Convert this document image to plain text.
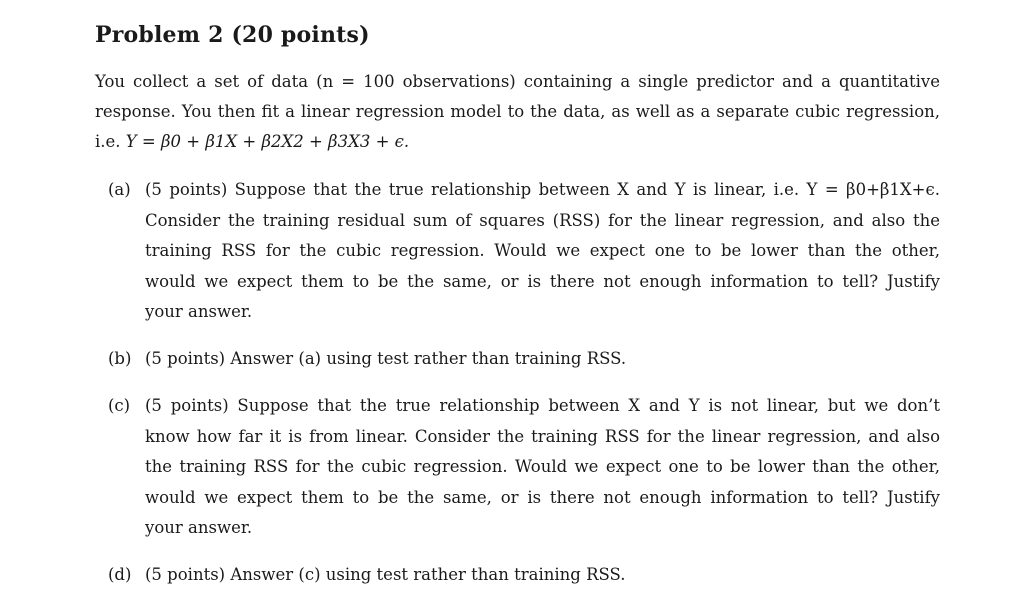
Problem 2 (20 points)
You collect a set of data (n = 100 observations) containing a single predictor and a quantitative
response. You then fit a linear regression model to the data, as well as a separate cubic regression,
i.e. Y = β0 + β1X + β2X2 + β3X3 + ϵ.
(a) (5 points) Suppose that the true relationship between X and Y is linear, i.e. Y = β0+β1X+ϵ.
Consider the training residual sum of squares (RSS) for the linear regression, and also the
training RSS for the cubic regression. Would we expect one to be lower than the other,
would we expect them to be the same, or is there not enough information to tell? Justify
your answer.
(b) (5 points) Answer (a) using test rather than training RSS.
(c) (5 points) Suppose that the true relationship between X and Y is not linear, but we don’t
know how far it is from linear. Consider the training RSS for the linear regression, and also
the training RSS for the cubic regression. Would we expect one to be lower than the other,
would we expect them to be the same, or is there not enough information to tell? Justify
your answer.
(d) (5 points) Answer (c) using test rather than training RSS.
